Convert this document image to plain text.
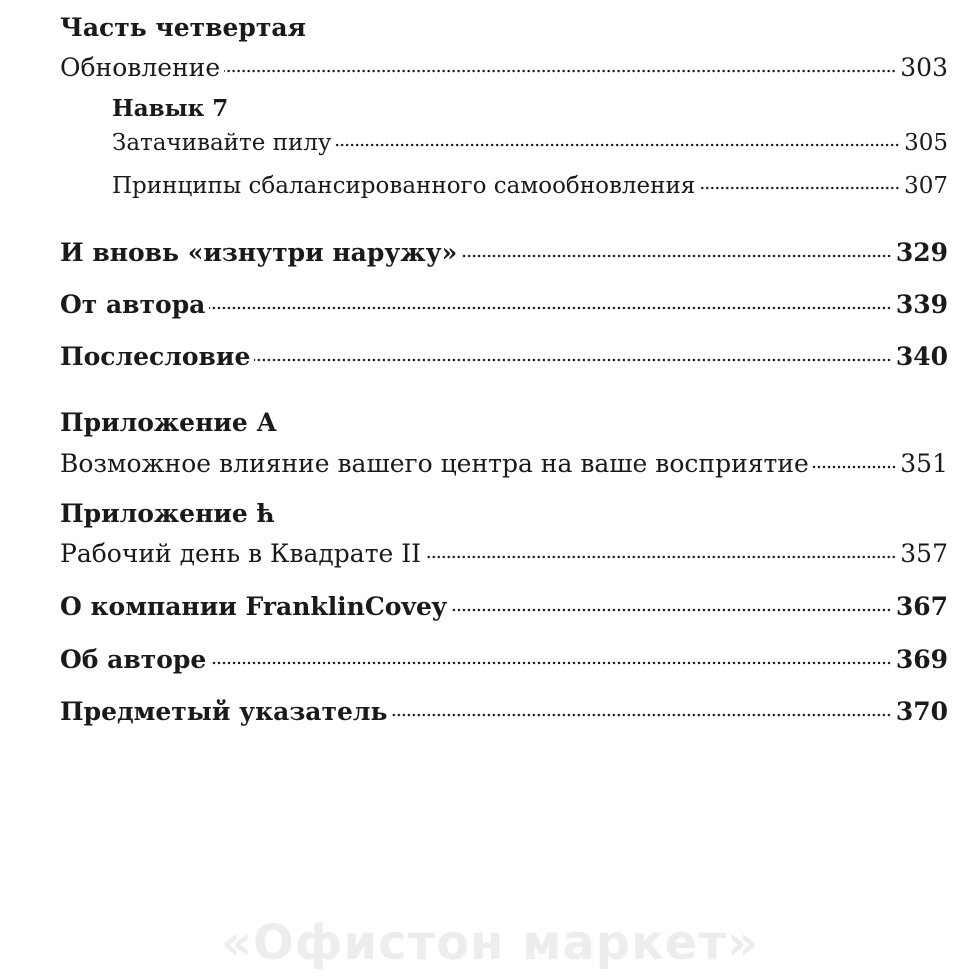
Часть четвертая
Обновление	303
Навык 7
Затачивайте пилу	305
Принципы сбалансированного самообновления	307
И вновь «изнутри наружу»	329
От автора	339
Послесловие	340
Приложение А
Возможное влияние вашего центра на ваше восприятие	351
Приложение ћ
Рабочий день в Квадрате II	357
О компании FranklinCovey	367
Об авторе	369
Предметый указатель	370
«Офистон маркет»
